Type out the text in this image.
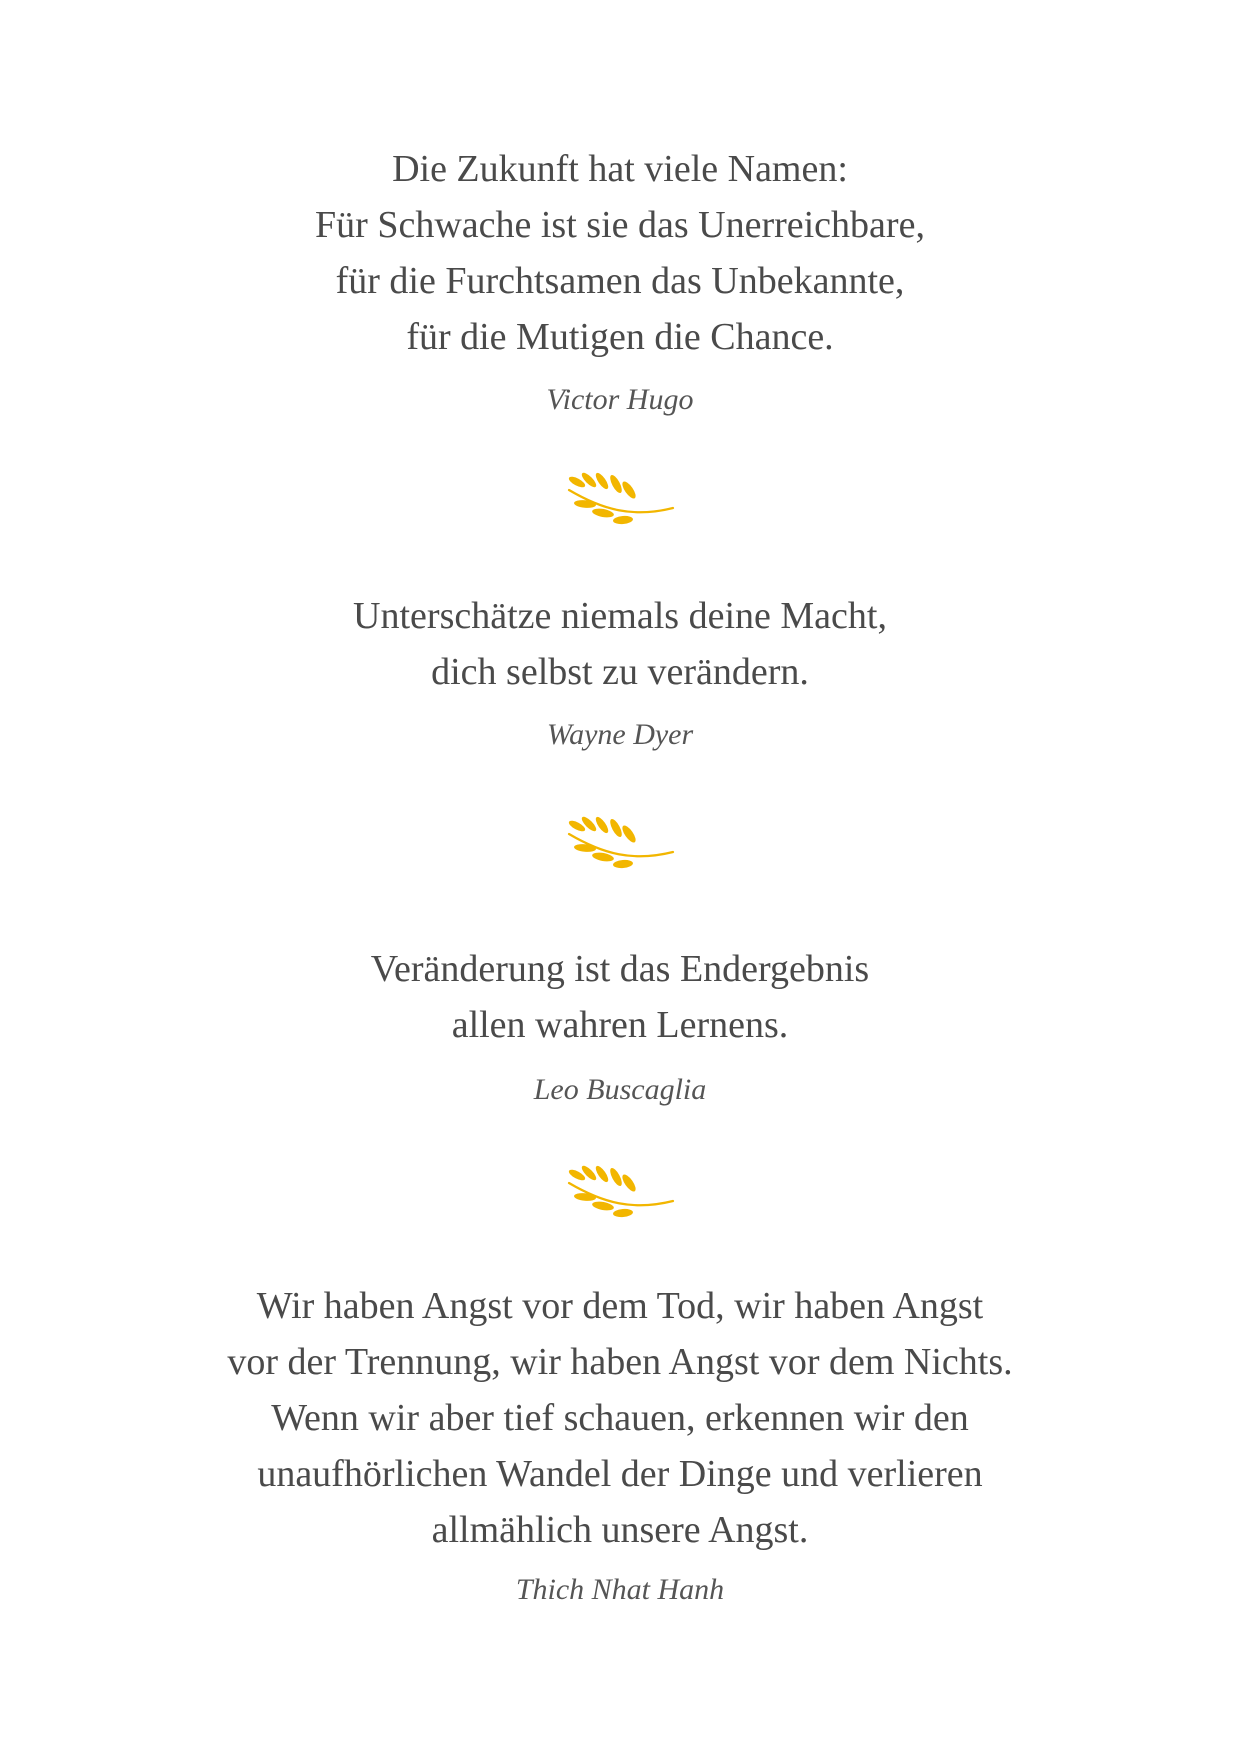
Die Zukunft hat viele Namen:
Für Schwache ist sie das Unerreichbare,
für die Furchtsamen das Unbekannte,
für die Mutigen die Chance.
Victor Hugo
Unterschätze niemals deine Macht,
dich selbst zu verändern.
Wayne Dyer
Veränderung ist das Endergebnis
allen wahren Lernens.
Leo Buscaglia
Wir haben Angst vor dem Tod, wir haben Angst
vor der Trennung, wir haben Angst vor dem Nichts.
Wenn wir aber tief schauen, erkennen wir den
unaufhörlichen Wandel der Dinge und verlieren
allmählich unsere Angst.
Thich Nhat Hanh
